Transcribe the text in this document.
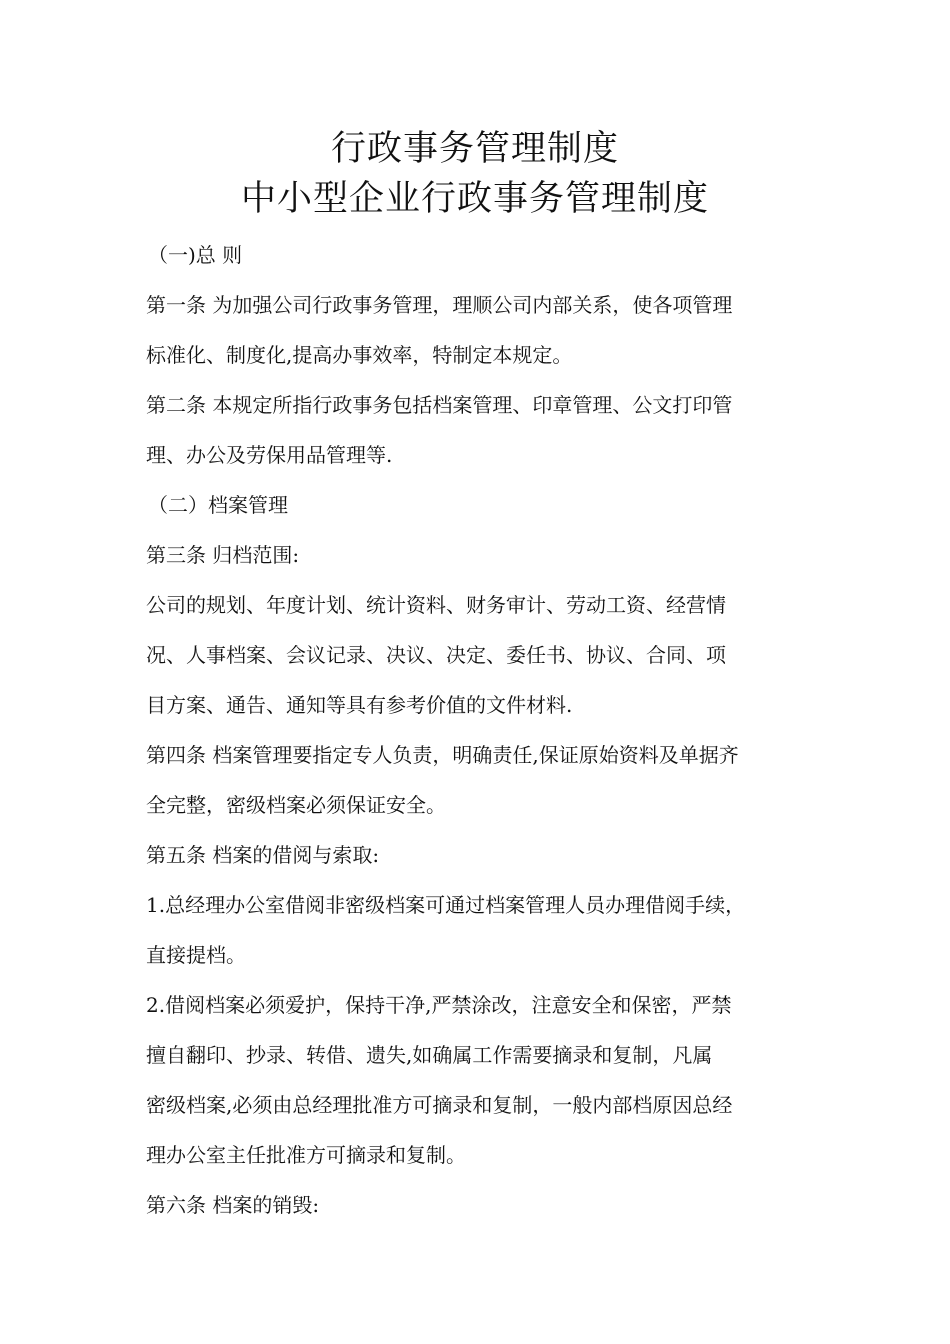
行政事务管理制度
中小型企业行政事务管理制度

（一)总 则

第一条 为加强公司行政事务管理，理顺公司内部关系，使各项管理

标准化、制度化,提高办事效率，特制定本规定。

第二条 本规定所指行政事务包括档案管理、印章管理、公文打印管

理、办公及劳保用品管理等.

（二）档案管理

第三条 归档范围:

公司的规划、年度计划、统计资料、财务审计、劳动工资、经营情

况、人事档案、会议记录、决议、决定、委任书、协议、合同、项

目方案、通告、通知等具有参考价值的文件材料.

第四条 档案管理要指定专人负责，明确责任,保证原始资料及单据齐

全完整，密级档案必须保证安全。

第五条 档案的借阅与索取:

1.总经理办公室借阅非密级档案可通过档案管理人员办理借阅手续，

直接提档。

2.借阅档案必须爱护，保持干净,严禁涂改，注意安全和保密，严禁

擅自翻印、抄录、转借、遗失,如确属工作需要摘录和复制，凡属

密级档案,必须由总经理批准方可摘录和复制，一般内部档原因总经

理办公室主任批准方可摘录和复制。

第六条 档案的销毁:
